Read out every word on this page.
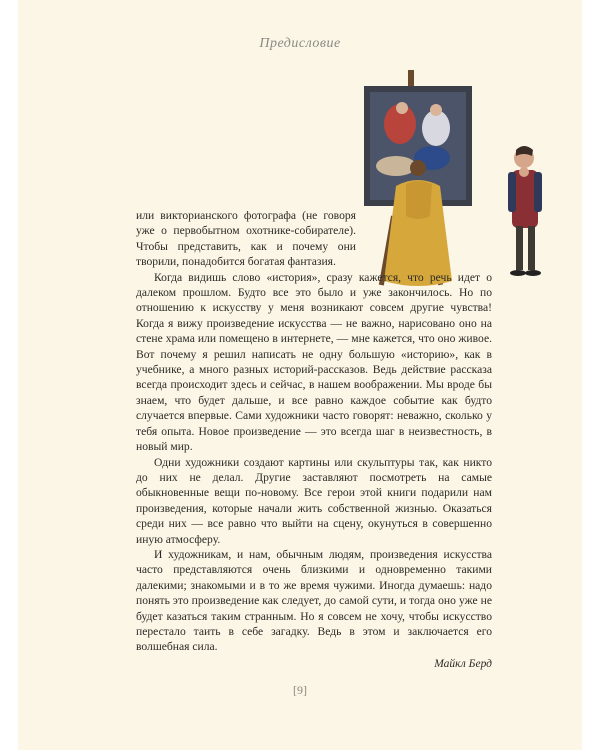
Предисловие

или викторианского фотографа (не говоря уже о первобытном охотнике-собирателе). Чтобы представить, как и почему они творили, понадобится богатая фантазия.

Когда видишь слово «история», сразу кажется, что речь идет о далеком прошлом. Будто все это было и уже закончилось. Но по отношению к искусству у меня возникают совсем другие чувства! Когда я вижу произведение искусства — не важно, нарисовано оно на стене храма или помещено в интернете, — мне кажется, что оно живое. Вот почему я решил написать не одну большую «историю», как в учебнике, а много разных историй-рассказов. Ведь действие рассказа всегда происходит здесь и сейчас, в нашем воображении. Мы вроде бы знаем, что будет дальше, и все равно каждое событие как будто случается впервые. Сами художники часто говорят: неважно, сколько у тебя опыта. Новое произведение — это всегда шаг в неизвестность, в новый мир.

Одни художники создают картины или скульптуры так, как никто до них не делал. Другие заставляют посмотреть на самые обыкновенные вещи по-новому. Все герои этой книги подарили нам произведения, которые начали жить собственной жизнью. Оказаться среди них — все равно что выйти на сцену, окунуться в совершенно иную атмосферу.

И художникам, и нам, обычным людям, произведения искусства часто представляются очень близкими и одновременно такими далекими; знакомыми и в то же время чужими. Иногда думаешь: надо понять это произведение как следует, до самой сути, и тогда оно уже не будет казаться таким странным. Но я совсем не хочу, чтобы искусство перестало таить в себе загадку. Ведь в этом и заключается его волшебная сила.

Майкл Берд
[9]
